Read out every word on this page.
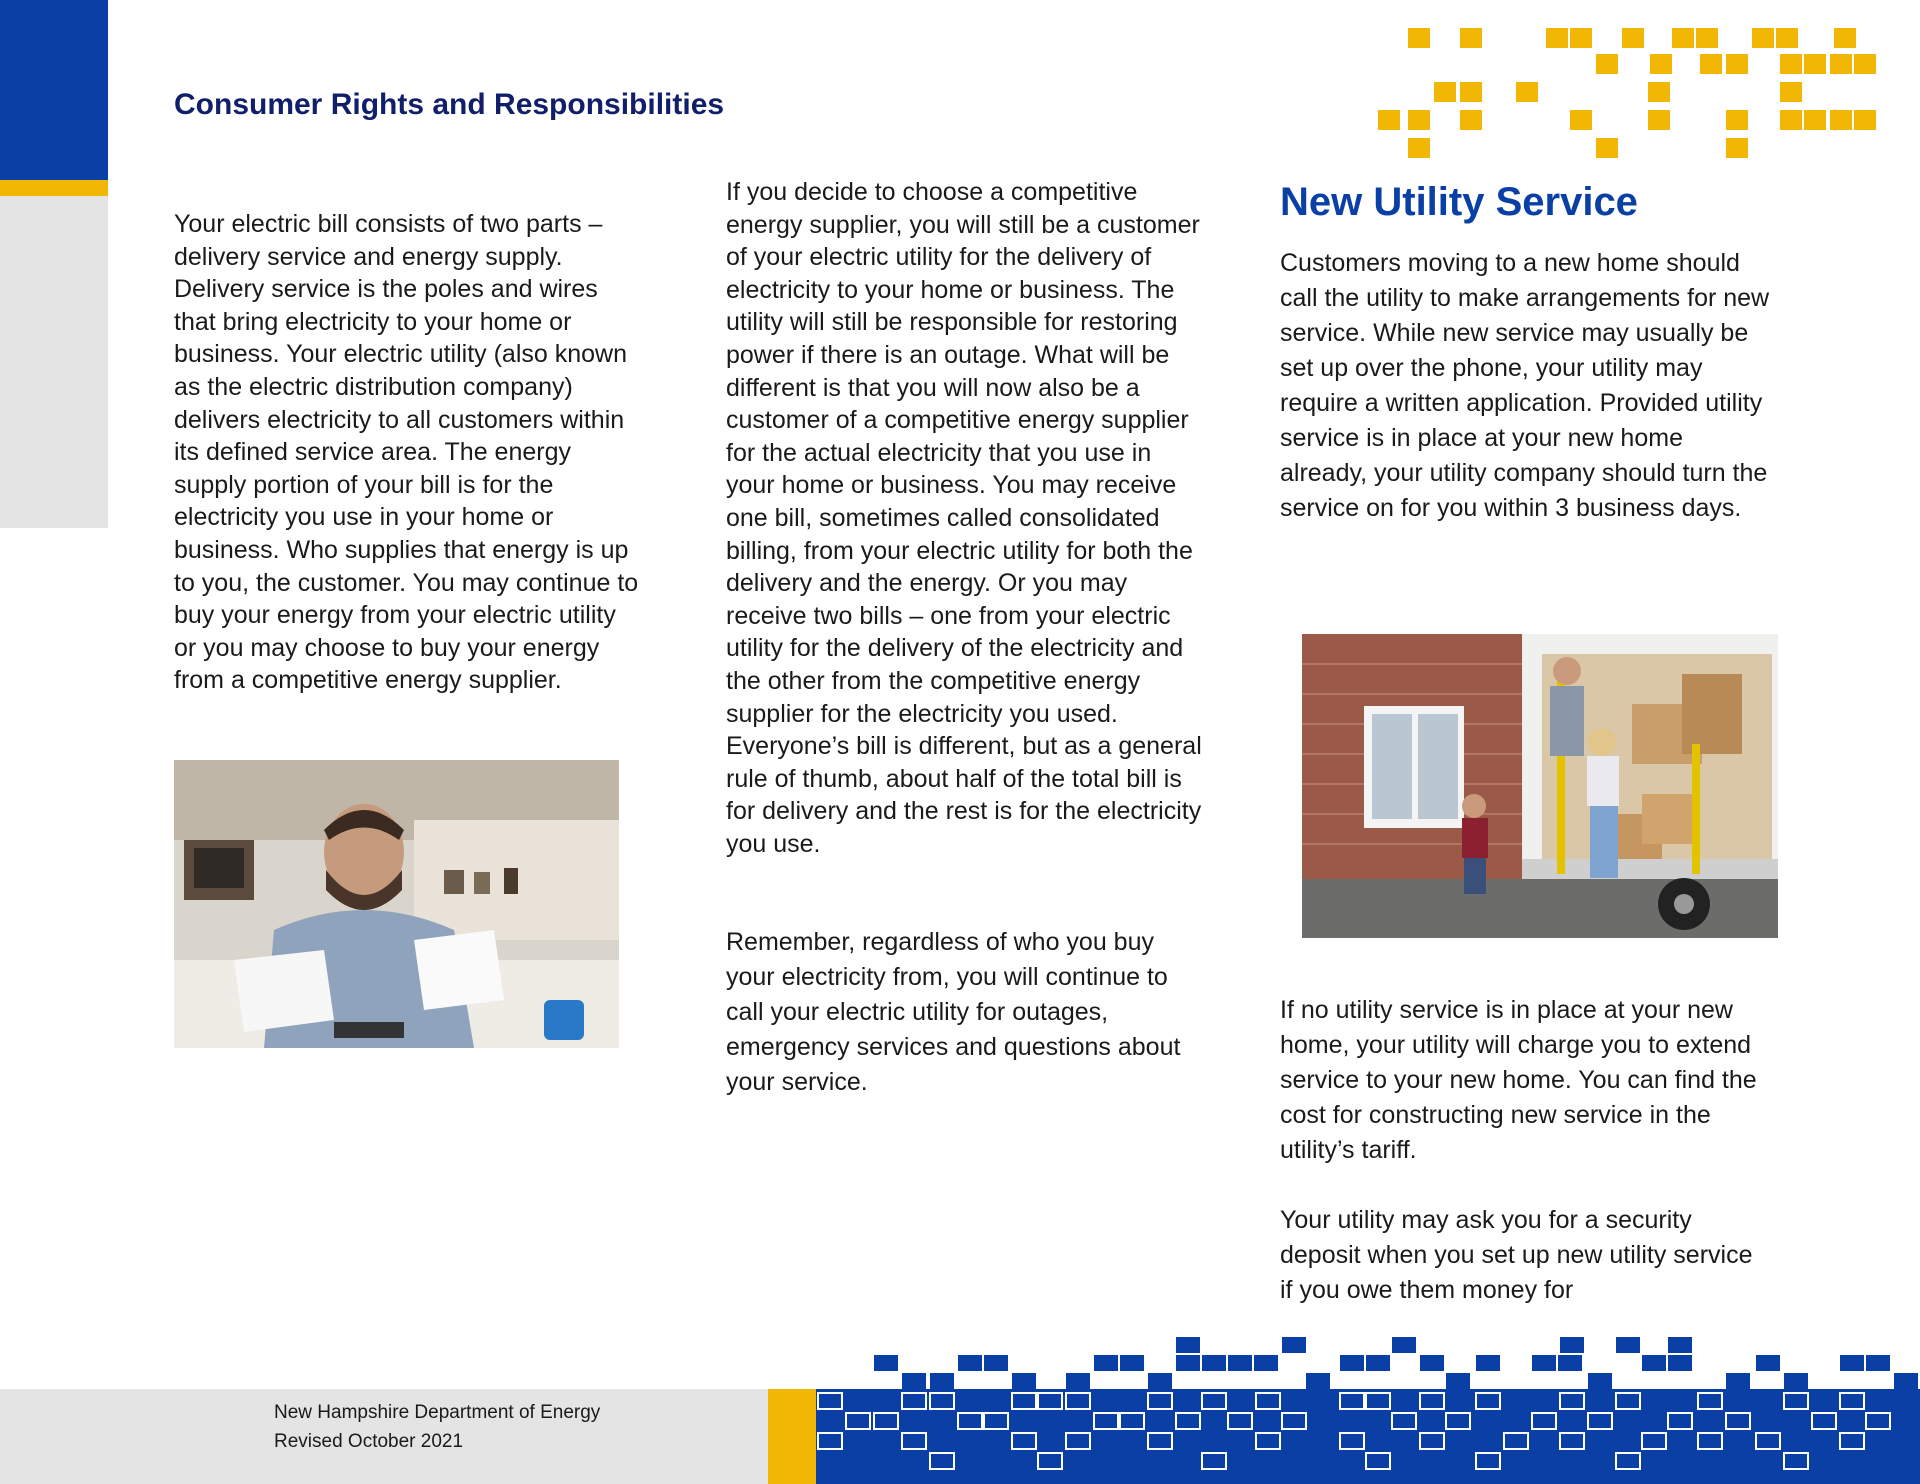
Consumer Rights and Responsibilities

Your electric bill consists of two parts – delivery service and energy supply. Delivery service is the poles and wires that bring electricity to your home or business. Your electric utility (also known as the electric distribution company) delivers electricity to all customers within its defined service area. The energy supply portion of your bill is for the electricity you use in your home or business. Who supplies that energy is up to you, the customer. You may continue to buy your energy from your electric utility or you may choose to buy your energy from a competitive energy supplier.

If you decide to choose a competitive energy supplier, you will still be a customer of your electric utility for the delivery of electricity to your home or business. The utility will still be responsible for restoring power if there is an outage. What will be different is that you will now also be a customer of a competitive energy supplier for the actual electricity that you use in your home or business. You may receive one bill, sometimes called consolidated billing, from your electric utility for both the delivery and the energy. Or you may receive two bills – one from your electric utility for the delivery of the electricity and the other from the competitive energy supplier for the electricity you used. Everyone’s bill is different, but as a general rule of thumb, about half of the total bill is for delivery and the rest is for the electricity you use.

Remember, regardless of who you buy your electricity from, you will continue to call your electric utility for outages, emergency services and questions about your service.

New Utility Service

Customers moving to a new home should call the utility to make arrangements for new service. While new service may usually be set up over the phone, your utility may require a written application. Provided utility service is in place at your new home already, your utility company should turn the service on for you within 3 business days.

If no utility service is in place at your new home, your utility will charge you to extend service to your new home. You can find the cost for constructing new service in the utility’s tariff.

Your utility may ask you for a security deposit when you set up new utility service if you owe them money for

New Hampshire Department of Energy
Revised October 2021
